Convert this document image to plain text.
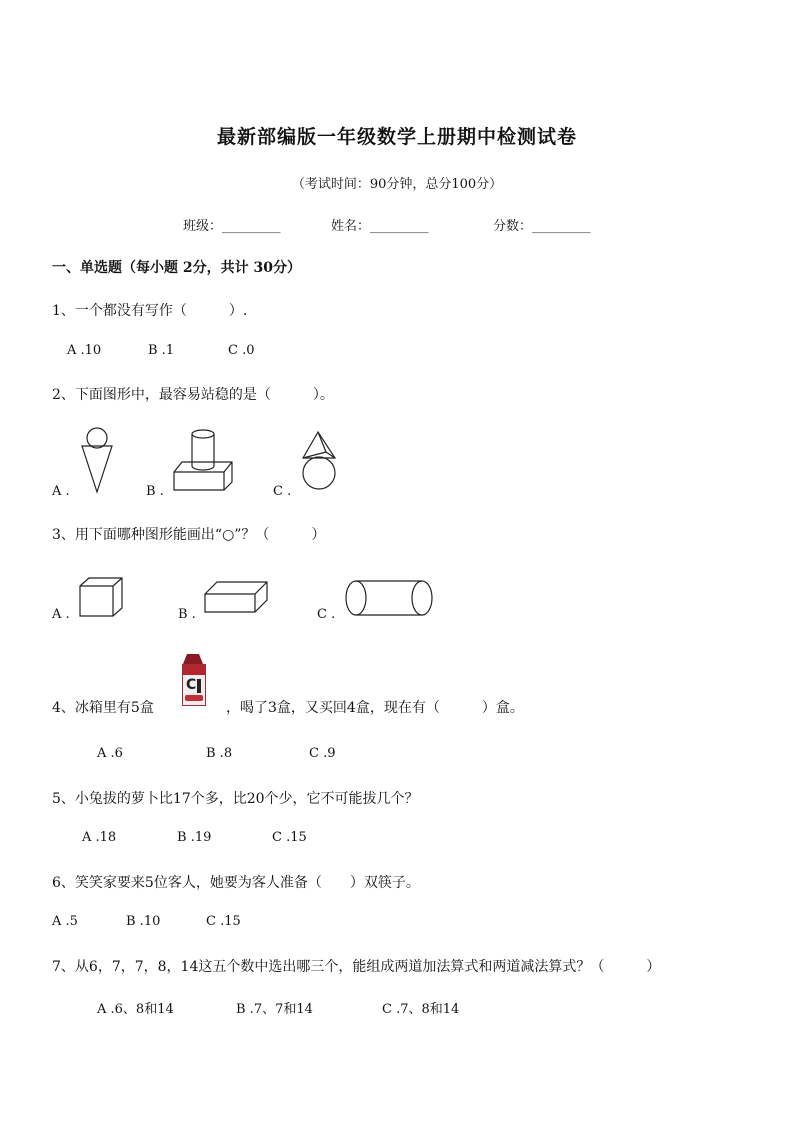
最新部编版一年级数学上册期中检测试卷
（考试时间：90分钟，总分100分）
班级：_________	姓名：_________	分数：_________
一、单选题（每小题 2分，共计 30分）
1、一个都没有写作（　　　）.
A .10	B .1	C .0
2、下面图形中，最容易站稳的是（　　　）。
A .	B .	C .
3、用下面哪种图形能画出“○”？（　　　）
A .	B .	C .
4、冰箱里有5盒
C
，喝了3盒，又买回4盒，现在有（　　　）盒。
A .6	B .8	C .9
5、小兔拔的萝卜比17个多，比20个少，它不可能拔几个？
A .18	B .19	C .15
6、笑笑家要来5位客人，她要为客人准备（　　）双筷子。
A .5	B .10	C .15
7、从6，7，7，8，14这五个数中选出哪三个，能组成两道加法算式和两道减法算式？（　　　）
A .6、8和14	B .7、7和14	C .7、8和14
